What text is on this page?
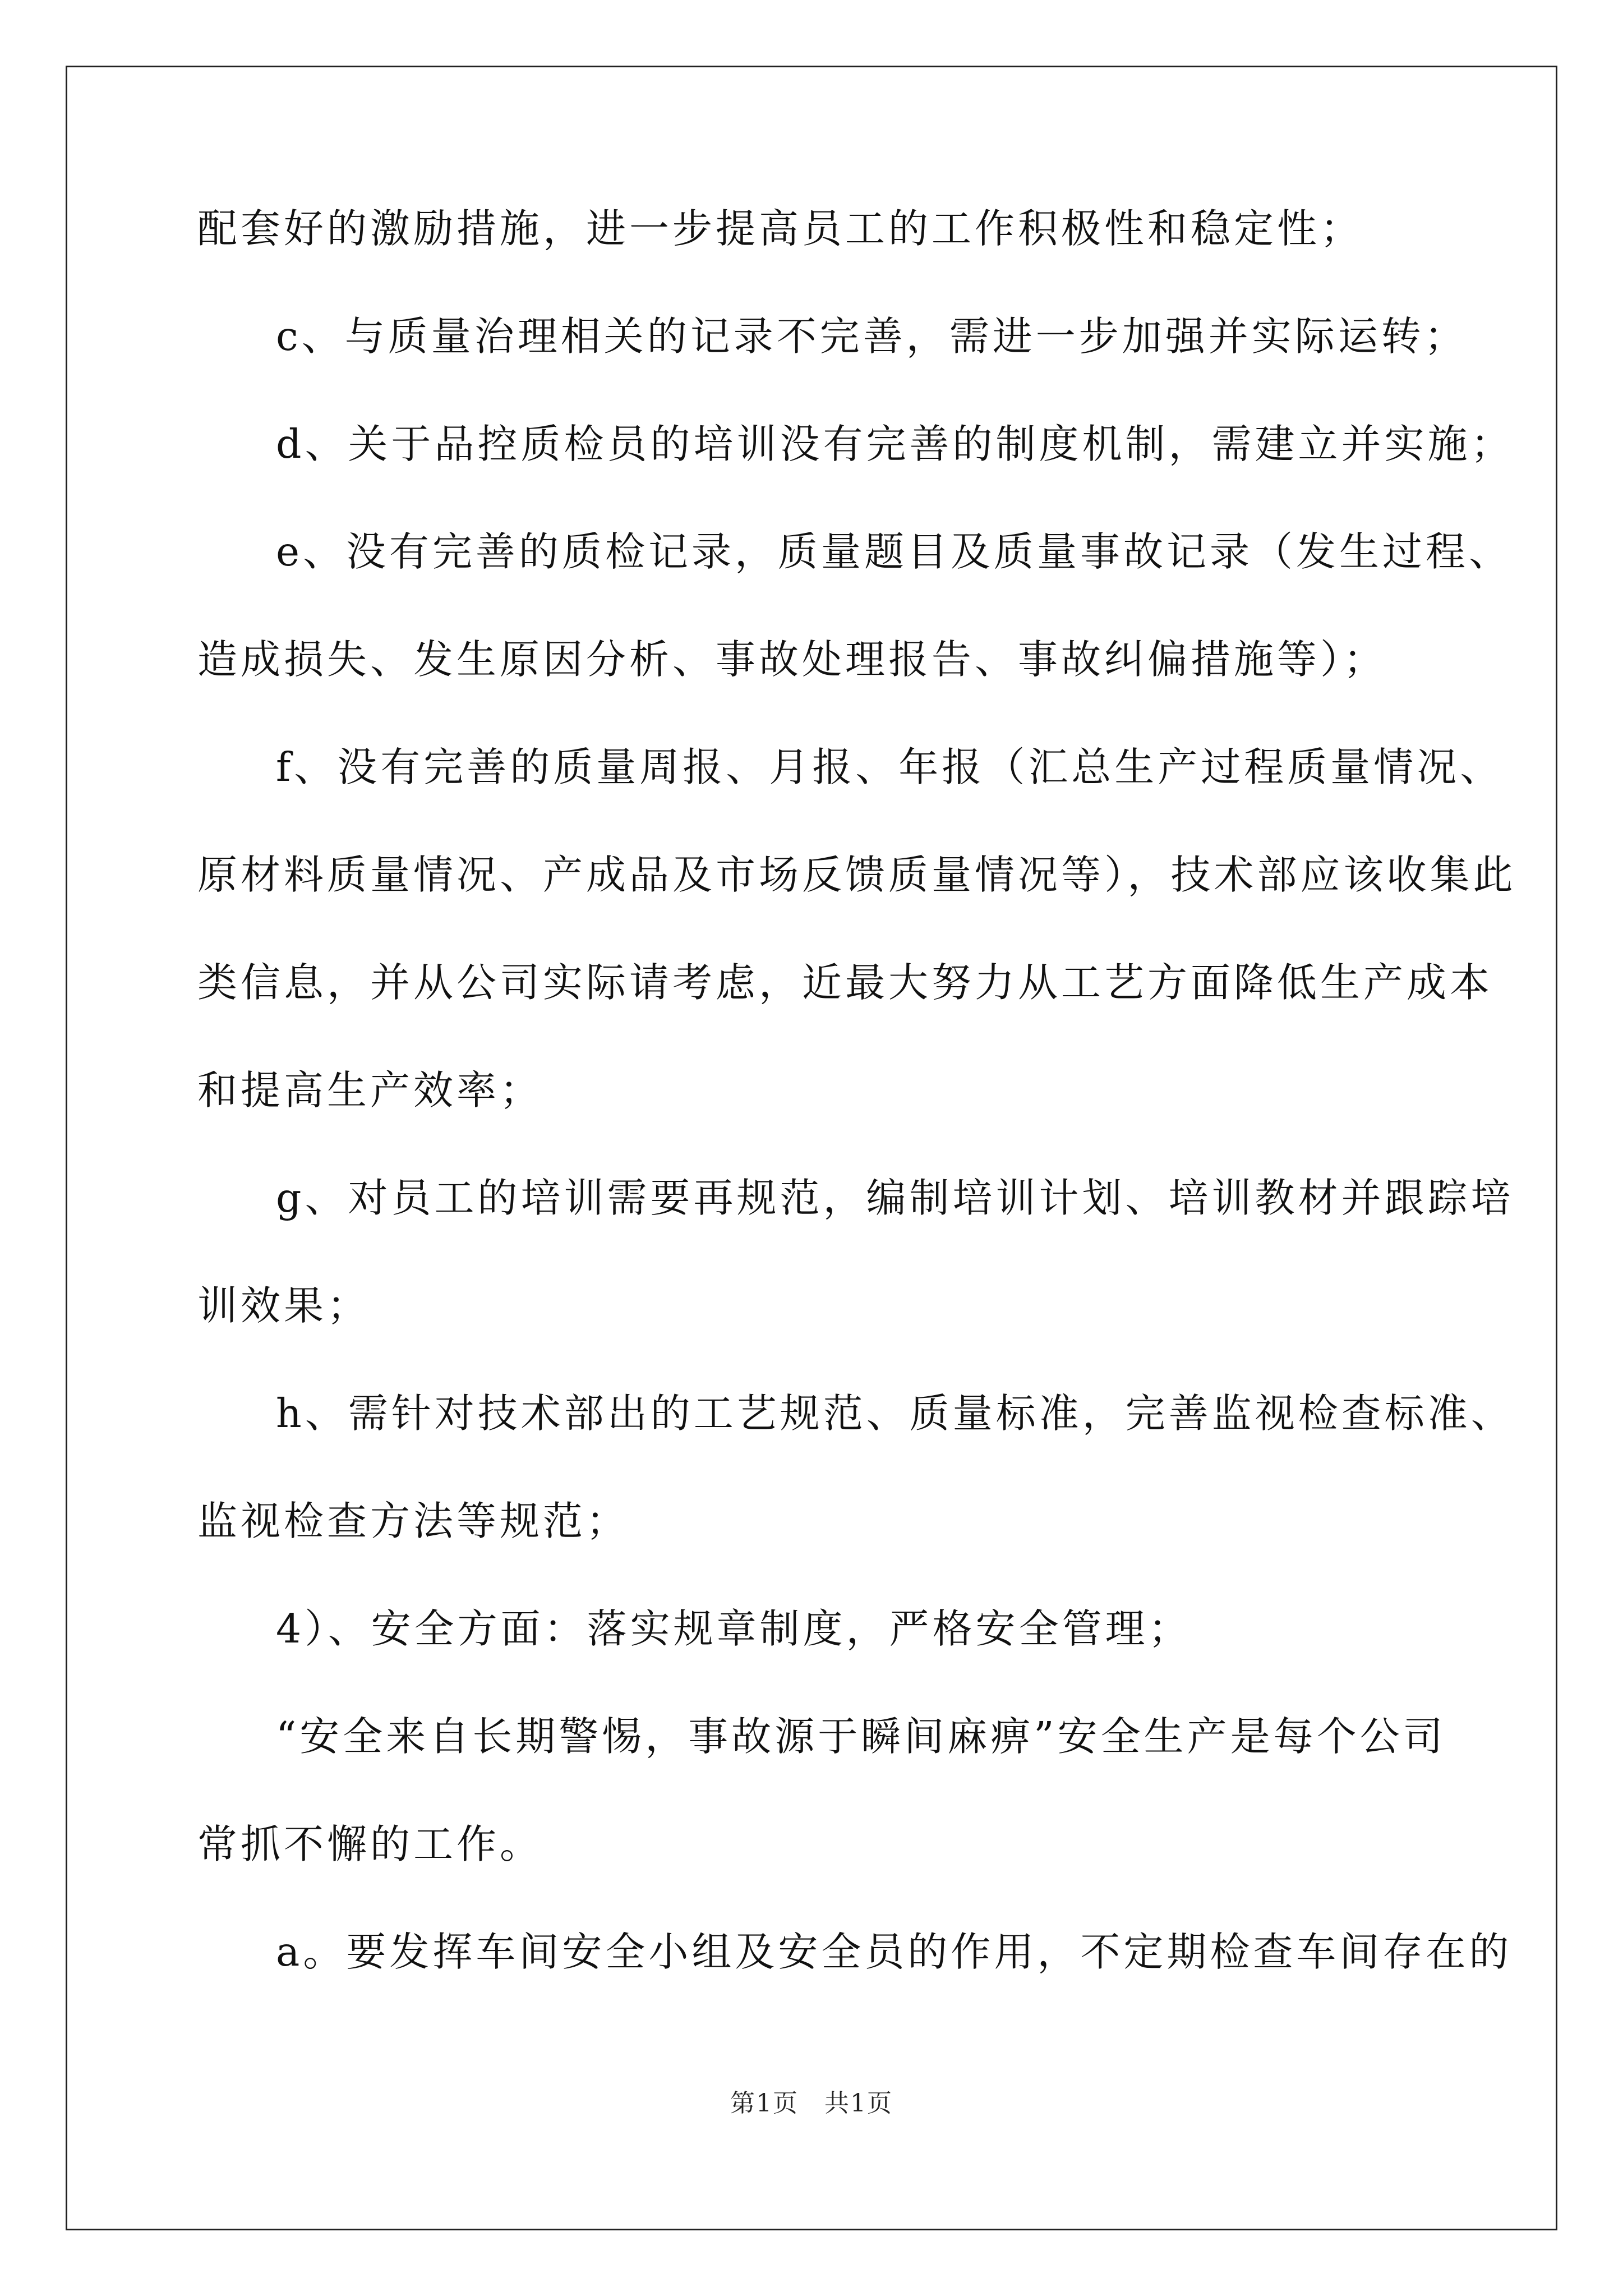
配套好的激励措施，进一步提高员工的工作积极性和稳定性；
c、与质量治理相关的记录不完善，需进一步加强并实际运转；
d、关于品控质检员的培训没有完善的制度机制，需建立并实施；
e、没有完善的质检记录，质量题目及质量事故记录（发生过程、
造成损失、发生原因分析、事故处理报告、事故纠偏措施等）；
f、没有完善的质量周报、月报、年报（汇总生产过程质量情况、
原材料质量情况、产成品及市场反馈质量情况等），技术部应该收集此
类信息，并从公司实际请考虑，近最大努力从工艺方面降低生产成本
和提高生产效率；
g、对员工的培训需要再规范，编制培训计划、培训教材并跟踪培
训效果；
h、需针对技术部出的工艺规范、质量标准，完善监视检查标准、
监视检查方法等规范；
4）、安全方面：落实规章制度，严格安全管理；
“安全来自长期警惕，事故源于瞬间麻痹”安全生产是每个公司
常抓不懈的工作。
a。要发挥车间安全小组及安全员的作用，不定期检查车间存在的
第1页　共1页
